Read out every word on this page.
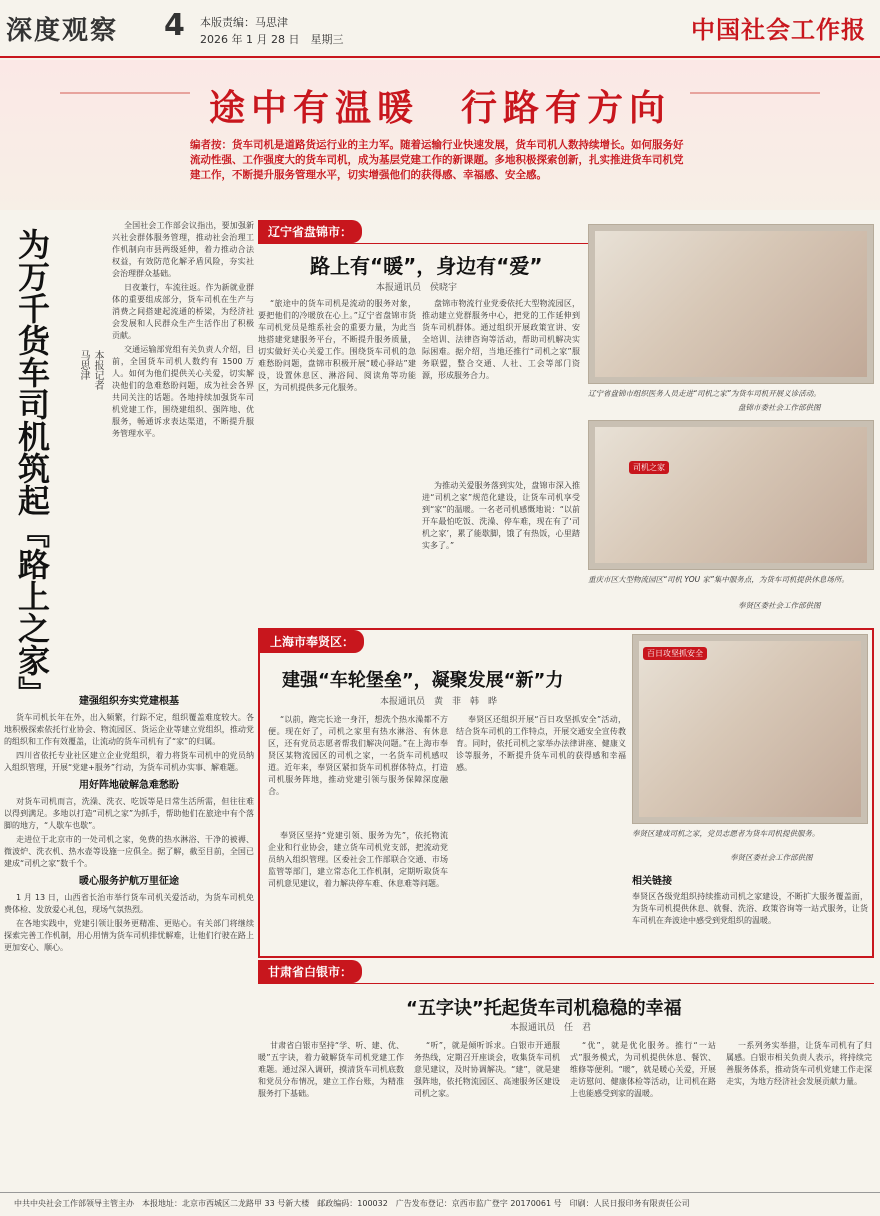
深度观察 4 本版责编：马思津
2026 年 1 月 28 日　星期三	中国社会工作报
途中有温暖　行路有方向
编者按：货车司机是道路货运行业的主力军。随着运输行业快速发展，货车司机人数持续增长。如何服务好流动性强、工作强度大的货车司机，成为基层党建工作的新课题。多地积极探索创新，扎实推进货车司机党建工作，不断提升服务管理水平，切实增强他们的获得感、幸福感、安全感。
为万千货车司机筑起『路上之家』	本报记者
马思津

全国社会工作部会议指出，要加强新兴社会群体服务管理，推动社会治理工作机制向市县两级延伸，着力推动合法权益，有效防范化解矛盾风险，夯实社会治理群众基础。

日夜兼行，车流往返。作为新就业群体的重要组成部分，货车司机在生产与消费之间搭建起流通的桥梁，为经济社会发展和人民群众生产生活作出了积极贡献。

交通运输部党组有关负责人介绍，目前，全国货车司机人数约有 1500 万人。如何为他们提供关心关爱，切实解决他们的急难愁盼问题，成为社会各界共同关注的话题。各地持续加强货车司机党建工作，围绕建组织、强阵地、优服务，畅通诉求表达渠道，不断提升服务管理水平。

建强组织夯实党建根基

货车司机长年在外，出入频繁，行踪不定，组织覆盖难度较大。各地积极探索依托行业协会、物流园区、货运企业等建立党组织，推动党的组织和工作有效覆盖，让流动的货车司机有了“家”的归属。

四川省依托专业社区建立企业党组织，着力将货车司机中的党员纳入组织管理，开展“党建+服务”行动，为货车司机办实事、解难题。

用好阵地破解急难愁盼

对货车司机而言，洗澡、洗衣、吃饭等是日常生活所需，但往往难以得到满足。多地以打造“司机之家”为抓手，帮助他们在旅途中有个落脚的地方，“人歇车也歇”。

走进位于北京市的一处司机之家，免费的热水淋浴、干净的被褥、微波炉、洗衣机、热水壶等设施一应俱全。据了解，截至目前，全国已建成“司机之家”数千个。

暖心服务护航万里征途

1 月 13 日，山西省长治市举行货车司机关爱活动，为货车司机免费体检、发放爱心礼包，现场气氛热烈。

在各地实践中，党建引领让服务更精准、更贴心。有关部门将继续探索完善工作机制，用心用情为货车司机排忧解难，让他们行驶在路上更加安心、顺心。

辽宁省盘锦市：
路上有“暖”，身边有“爱”
本报通讯员　侯晓宇

“旅途中的货车司机是流动的服务对象，要把他们的冷暖放在心上。”辽宁省盘锦市货车司机党员是维系社会的重要力量，为此当地搭建党建服务平台，不断提升服务质量，切实做好关心关爱工作。围绕货车司机的急难愁盼问题，盘锦市积极开展“暖心驿站”建设，设置休息区、淋浴间、阅读角等功能区，为司机提供多元化服务。

盘锦市物流行业党委依托大型物流园区，推动建立党群服务中心，把党的工作延伸到货车司机群体。通过组织开展政策宣讲、安全培训、法律咨询等活动，帮助司机解决实际困难。据介绍，当地还推行“司机之家”服务联盟，整合交通、人社、工会等部门资源，形成服务合力。

为推动关爱服务落到实处，盘锦市深入推进“司机之家”规范化建设，让货车司机享受到“家”的温暖。一名老司机感慨地说：“以前开车最怕吃饭、洗澡、停车难，现在有了‘司机之家’，累了能歇脚，饿了有热饭，心里踏实多了。”

辽宁省盘锦市组织医务人员走进“司机之家”为货车司机开展义诊活动。
盘锦市委社会工作部供图
司机之家
重庆市区大型物流园区“司机 YOU 家”集中服务点，为货车司机提供休息场所。
奉贤区委社会工作部供图
上海市奉贤区：
建强“车轮堡垒”，凝聚发展“新”力
本报通讯员　黄　菲　韩　晔

“以前，跑完长途一身汗，想洗个热水澡都不方便。现在好了，司机之家里有热水淋浴、有休息区，还有党员志愿者帮我们解决问题。”在上海市奉贤区某物流园区的司机之家，一名货车司机感叹道。近年来，奉贤区紧扣货车司机群体特点，打造司机服务阵地，推动党建引领与服务保障深度融合。

奉贤区坚持“党建引领、服务为先”，依托物流企业和行业协会，建立货车司机党支部，把流动党员纳入组织管理。区委社会工作部联合交通、市场监管等部门，建立常态化工作机制，定期听取货车司机意见建议，着力解决停车难、休息难等问题。

奉贤区还组织开展“百日攻坚抓安全”活动，结合货车司机的工作特点，开展交通安全宣传教育。同时，依托司机之家举办法律讲座、健康义诊等服务，不断提升货车司机的获得感和幸福感。

百日攻坚抓安全
奉贤区建成司机之家，党员志愿者为货车司机提供服务。
奉贤区委社会工作部供图
相关链接
奉贤区各级党组织持续推动司机之家建设，不断扩大服务覆盖面，为货车司机提供休息、就餐、洗浴、政策咨询等一站式服务，让货车司机在奔波途中感受到党组织的温暖。
甘肃省白银市：
“五字诀”托起货车司机稳稳的幸福
本报通讯员　任　君

甘肃省白银市坚持“学、听、建、优、暖”五字诀，着力破解货车司机党建工作难题。通过深入调研，摸清货车司机底数和党员分布情况，建立工作台账，为精准服务打下基础。

“听”，就是倾听诉求。白银市开通服务热线，定期召开座谈会，收集货车司机意见建议，及时协调解决。“建”，就是建强阵地，依托物流园区、高速服务区建设司机之家。

“优”，就是优化服务。推行“一站式”服务模式，为司机提供休息、餐饮、维修等便利。“暖”，就是暖心关爱，开展走访慰问、健康体检等活动，让司机在路上也能感受到家的温暖。

一系列务实举措，让货车司机有了归属感。白银市相关负责人表示，将持续完善服务体系，推动货车司机党建工作走深走实，为地方经济社会发展贡献力量。

中共中央社会工作部领导主管主办　本报地址：北京市西城区二龙路甲 33 号新大楼　邮政编码：100032　广告发布登记：京西市监广登字 20170061 号　印刷：人民日报印务有限责任公司
